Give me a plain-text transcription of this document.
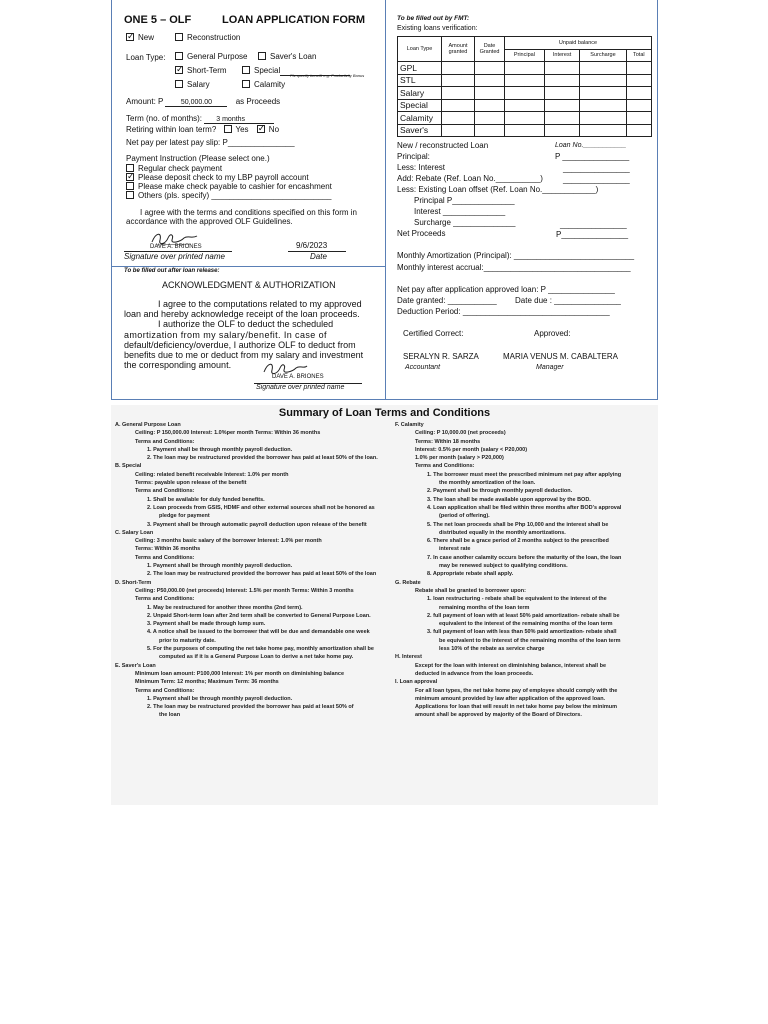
ONE 5 – OLF	LOAN APPLICATION FORM
✓New	Reconstruction
Loan Type:	General Purpose	Saver's Loan
✓Short-Term	Special
Pls specify benefit e.g. Productivity Bonus
Salary	Calamity
Amount: P	50,000.00	as Proceeds
Term (no. of months): 3 months
Retiring within loan term? Yes ✓	No
Net pay per latest pay slip: P_______________
Payment Instruction (Please select one.)
Regular check payment
✓Please deposit check to my LBP payroll account
Please make check payable to cashier for encashment
Others (pls. specify) ___________________________
I agree with the terms and conditions specified on this form in
accordance with the approved OLF Guidelines.
DAVE A. BRIONES	9/6/2023
Signature over printed name	Date
To be filled out after loan release:
ACKNOWLEDGMENT & AUTHORIZATION
I agree to the computations related to my approved
loan and hereby acknowledge receipt of the loan proceeds.
I authorize the OLF to deduct the scheduled
amortization from my salary/benefit. In case of
default/deficiency/overdue, I authorize OLF to deduct from
benefits due to me or deduct from my salary and investment
the corresponding amount.
DAVE A. BRIONES
Signature over printed name
To be filled out by FMT:
Existing loans verification:
Loan Type	Amount granted	Date Granted	Unpaid balance			
			Principal	Interest	Surcharge	Total
GPL						
STL						
Salary						
Special						
Calamity						
Saver's						
New / reconstructed Loan	Loan No.___________
Principal:	P _______________
Less: Interest	_______________
Add: Rebate (Ref. Loan No.__________)	_______________
Less: Existing Loan offset (Ref. Loan No.____________)
Principal P______________
Interest ______________
Surcharge ______________	_______________
Net Proceeds	P_______________
Monthly Amortization (Principal): ___________________________
Monthly interest accrual:_________________________________
Net pay after application approved loan: P _______________
Date granted: ___________ Date due : _______________
Deduction Period: _________________________________
Certified Correct:	Approved:
SERALYN R. SARZA	MARIA VENUS M. CABALTERA
Accountant	Manager
Summary of Loan Terms and Conditions
A. General Purpose Loan
Ceiling: P 150,000.00 Interest: 1.0%per month Terms: Within 36 months
Terms and Conditions:
1. Payment shall be through monthly payroll deduction.
2. The loan may be restructured provided the borrower has paid at least 50% of the loan.
B. Special
Ceiling: related benefit receivable Interest: 1.0% per month
Terms: payable upon release of the benefit
Terms and Conditions:
1. Shall be available for duly funded benefits.
2. Loan proceeds from GSIS, HDMF and other external sources shall not be honored as
pledge for payment
3. Payment shall be through automatic payroll deduction upon release of the benefit
C. Salary Loan
Ceiling: 3 months basic salary of the borrower Interest: 1.0% per month
Terms: Within 36 months
Terms and Conditions:
1. Payment shall be through monthly payroll deduction.
2. The loan may be restructured provided the borrower has paid at least 50% of the loan
D. Short-Term
Ceiling: P50,000.00 (net proceeds) Interest: 1.5% per month Terms: Within 3 months
Terms and Conditions:
1. May be restructured for another three months (2nd term).
2. Unpaid Short-term loan after 2nd term shall be converted to General Purpose Loan.
3. Payment shall be made through lump sum.
4. A notice shall be issued to the borrower that will be due and demandable one week
prior to maturity date.
5. For the purposes of computing the net take home pay, monthly amortization shall be
computed as if it is a General Purpose Loan to derive a net take home pay.
E. Saver's Loan
Minimum loan amount: P100,000 Interest: 1% per month on diminishing balance
Minimum Term: 12 months; Maximum Term: 36 months
Terms and Conditions:
1. Payment shall be through monthly payroll deduction.
2. The loan may be restructured provided the borrower has paid at least 50% of
the loan
F. Calamity
Ceiling: P 10,000.00 (net proceeds)
Terms: Within 18 months
Interest: 0.5% per month (salary < P20,000)
1.0% per month (salary > P20,000)
Terms and Conditions:
1. The borrower must meet the prescribed minimum net pay after applying
the monthly amortization of the loan.
2. Payment shall be through monthly payroll deduction.
3. The loan shall be made available upon approval by the BOD.
4. Loan application shall be filed within three months after BOD's approval
(period of offering).
5. The net loan proceeds shall be Php 10,000 and the interest shall be
distributed equally in the monthly amortizations.
6. There shall be a grace period of 2 months subject to the prescribed
interest rate
7. In case another calamity occurs before the maturity of the loan, the loan
may be renewed subject to qualifying conditions.
8. Appropriate rebate shall apply.
G. Rebate
Rebate shall be granted to borrower upon:
1. loan restructuring - rebate shall be equivalent to the interest of the
remaining months of the loan term
2. full payment of loan with at least 50% paid amortization- rebate shall be
equivalent to the interest of the remaining months of the loan term
3. full payment of loan with less than 50% paid amortization- rebate shall
be equivalent to the interest of the remaining months of the loan term
less 10% of the rebate as service charge
H. Interest
Except for the loan with interest on diminishing balance, interest shall be
deducted in advance from the loan proceeds.
I. Loan approval
For all loan types, the net take home pay of employee should comply with the
minimum amount provided by law after application of the approved loan.
Applications for loan that will result in net take home pay below the minimum
amount shall be approved by majority of the Board of Directors.
